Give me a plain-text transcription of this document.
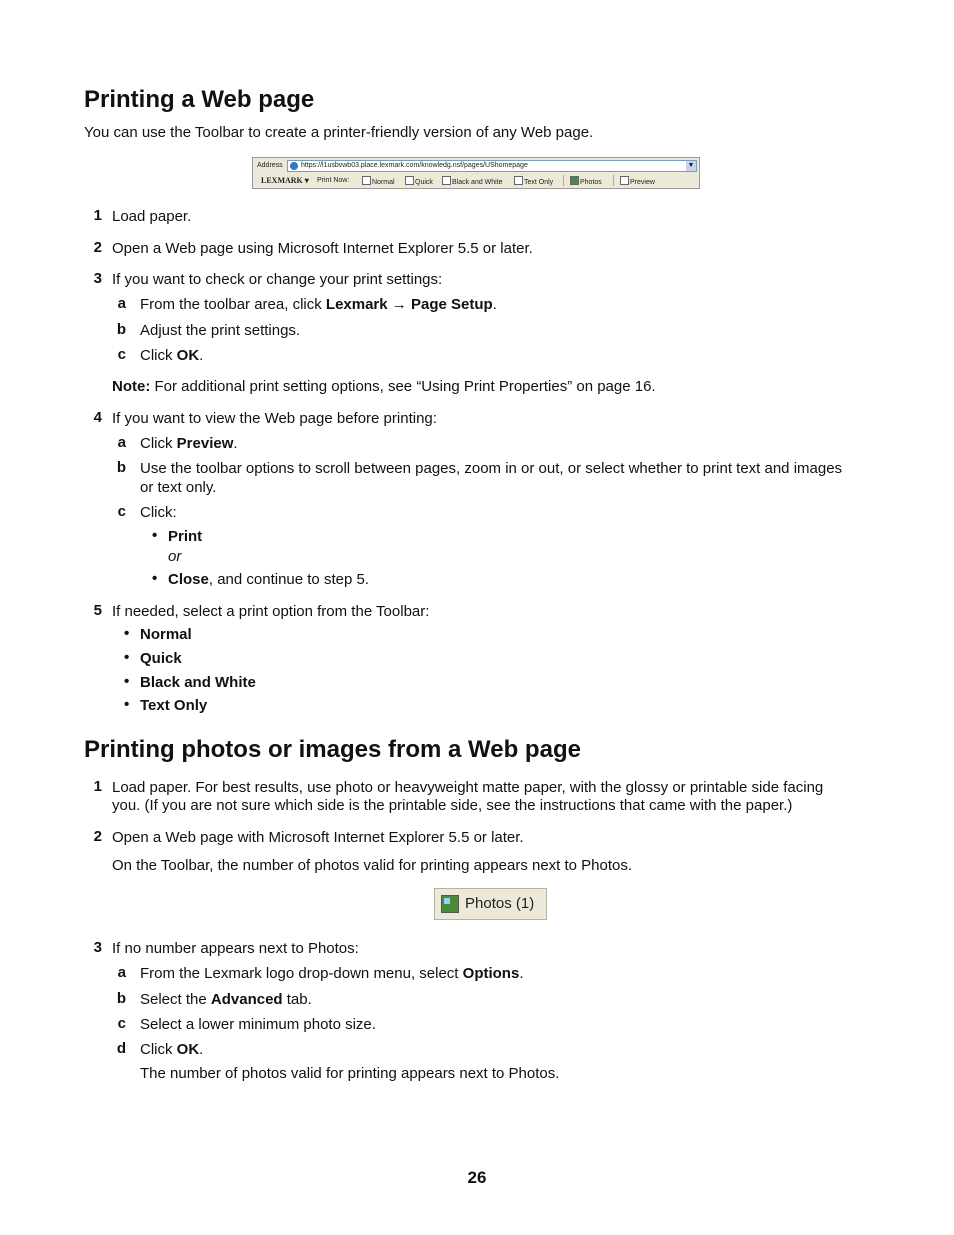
Printing a Web page
You can use the Toolbar to create a printer-friendly version of any Web page.
Address	https://l1usbvwb03.place.lexmark.com/knowledg.nsf/pages/UShomepage	▼
LEXMARK ▾ Print Now:	Normal	Quick	Black and White	Text Only	Photos	Preview
1 Load paper.
2 Open a Web page using Microsoft Internet Explorer 5.5 or later.
3 If you want to check or change your print settings:
a From the toolbar area, click Lexmark → Page Setup.
b Adjust the print settings.
c Click OK.
Note: For additional print setting options, see “Using Print Properties” on page 16.
4 If you want to view the Web page before printing:
a Click Preview.
b Use the toolbar options to scroll between pages, zoom in or out, or select whether to print text and images
or text only.
c Click:
• Print
or
• Close, and continue to step 5.
5 If needed, select a print option from the Toolbar:
• Normal
• Quick
• Black and White
• Text Only
Printing photos or images from a Web page
1 Load paper. For best results, use photo or heavyweight matte paper, with the glossy or printable side facing
you. (If you are not sure which side is the printable side, see the instructions that came with the paper.)
2 Open a Web page with Microsoft Internet Explorer 5.5 or later.
On the Toolbar, the number of photos valid for printing appears next to Photos.
Photos (1)
3 If no number appears next to Photos:
a From the Lexmark logo drop-down menu, select Options.
b Select the Advanced tab.
c Select a lower minimum photo size.
d Click OK.
The number of photos valid for printing appears next to Photos.
26
